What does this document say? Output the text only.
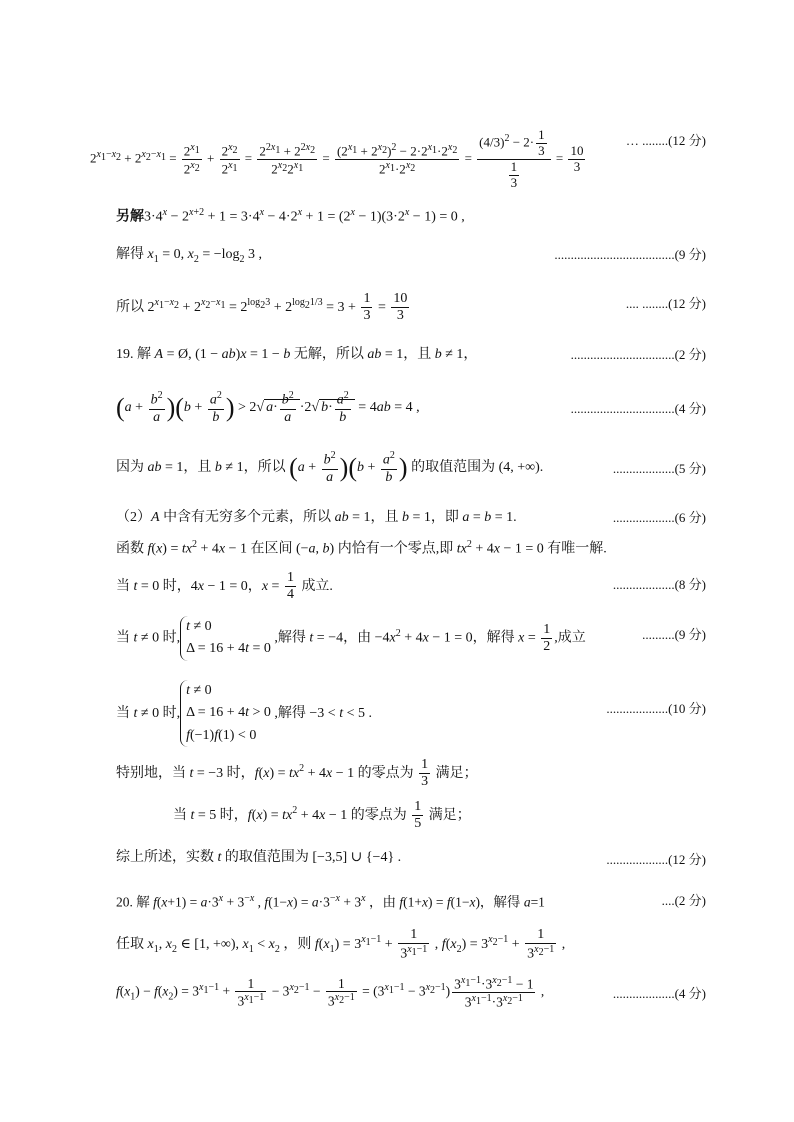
$2^{x_1-x_2} + 2^{x_2-x_1} = \frac{2^{x_1}}{2^{x_2}} + \frac{2^{x_2}}{2^{x_1}} = \frac{2^{2x_1} + 2^{2x_2}}{2^{x_2}2^{x_1}} = \frac{(2^{x_1} + 2^{x_2})^2 - 2\cdot 2^{x_1}\cdot 2^{x_2}}{2^{x_1}\cdot 2^{x_2}} = \frac{(4/3)^2 - 2\cdot \frac{1}{3}}{\frac{1}{3}} = \frac{10}{3}$
… ........(12 分)
另解$3\cdot 4^x - 2^{x+2} + 1 = 3\cdot 4^x - 4\cdot 2^x + 1 = (2^x - 1)(3\cdot 2^x - 1) = 0$ ,
解得 $x_1 = 0$, $x_2 = -\log_2$ 3 ,	.....................................(9 分)
所以 $2^{x_1-x_2} + 2^{x_2-x_1} = 2^{log_23} + 2^{log_21/3} = 3 + \frac{1}{3} = \frac{10}{3}$	.... ........(12 分)
19. 解 A = Ø, (1 − ab)x = 1 − b 无解，所以 ab = 1，且 b ≠ 1，	................................(2 分)
$(a + \frac{b^2}{a} )(b + \frac{a^2}{b}$ ) > 2√ $a\cdot \frac{b^2}{a} \cdot 2√$ $b\cdot \frac{a^2}{b} = 4ab = 4$ ,	................................(4 分)
因为 ab = 1，且 b ≠ 1，所以 $(a + \frac{b^2}{a} )(b + \frac{a^2}{b}$ ) 的取值范围为 (4, +∞).	...................(5 分)
（2）A 中含有无穷多个元素，所以 ab = 1，且 b = 1，即 a = b = 1.	...................(6 分)
函数 $f(x) = tx^2 + 4x - 1$ 在区间 (−a, b) 内恰有一个零点,即 $tx^2 + 4x - 1 = 0$ 有唯一解.
当 t = 0 时，4x − 1 = 0，$x = \frac{1}{4}$ 成立.	...................(8 分)
当 t ≠ 0 时,t ≠ 0
Δ = 16 + 4t = 0 ,解得 t = −4，由 $-4x^2 + 4x - 1 = 0$，解得 $x = \frac{1}{2}$ ,成立	..........(9 分)
当 t ≠ 0 时,t ≠ 0
Δ = 16 + 4t > 0
f(−1)f(1) < 0 ,解得 −3 < t < 5 .	...................(10 分)
特别地，当 t = −3 时，$f(x) = tx^2 + 4x - 1$ 的零点为 $\frac{1}{3}$ 满足；
当 t = 5 时，$f(x) = tx^2 + 4x - 1$ 的零点为 $\frac{1}{5}$ 满足；
综上所述，实数 t 的取值范围为 [−3,5] ∪ {−4} .	...................(12 分)
20. 解 $f(x+1) = a\cdot 3^x + 3^{-x}$ , $f(1-x) = a\cdot 3^{-x} + 3^x$ ，由 f(1+x) = f(1−x)，解得 a=1	....(2 分)
任取 $x_1$, $x_2$ ∈ [1, +∞), $x_1 < x_2$ ，则 $f(x_1) = 3^{x_1-1} + \frac{1}{3^{x_1-1}}$ , $f(x_2) = 3^{x_2-1} + \frac{1}{3^{x_2-1}}$ ,
$f(x_1) - f(x_2) = 3^{x_1-1} + \frac{1}{3^{x_1-1}} - 3^{x_2-1} - \frac{1}{3^{x_2-1}} = (3^{x_1-1} - 3^{x_2-1}) \frac{3^{x_1-1}\cdot 3^{x_2-1} - 1}{3^{x_1-1}\cdot 3^{x_2-1}}$ ,	...................(4 分)
